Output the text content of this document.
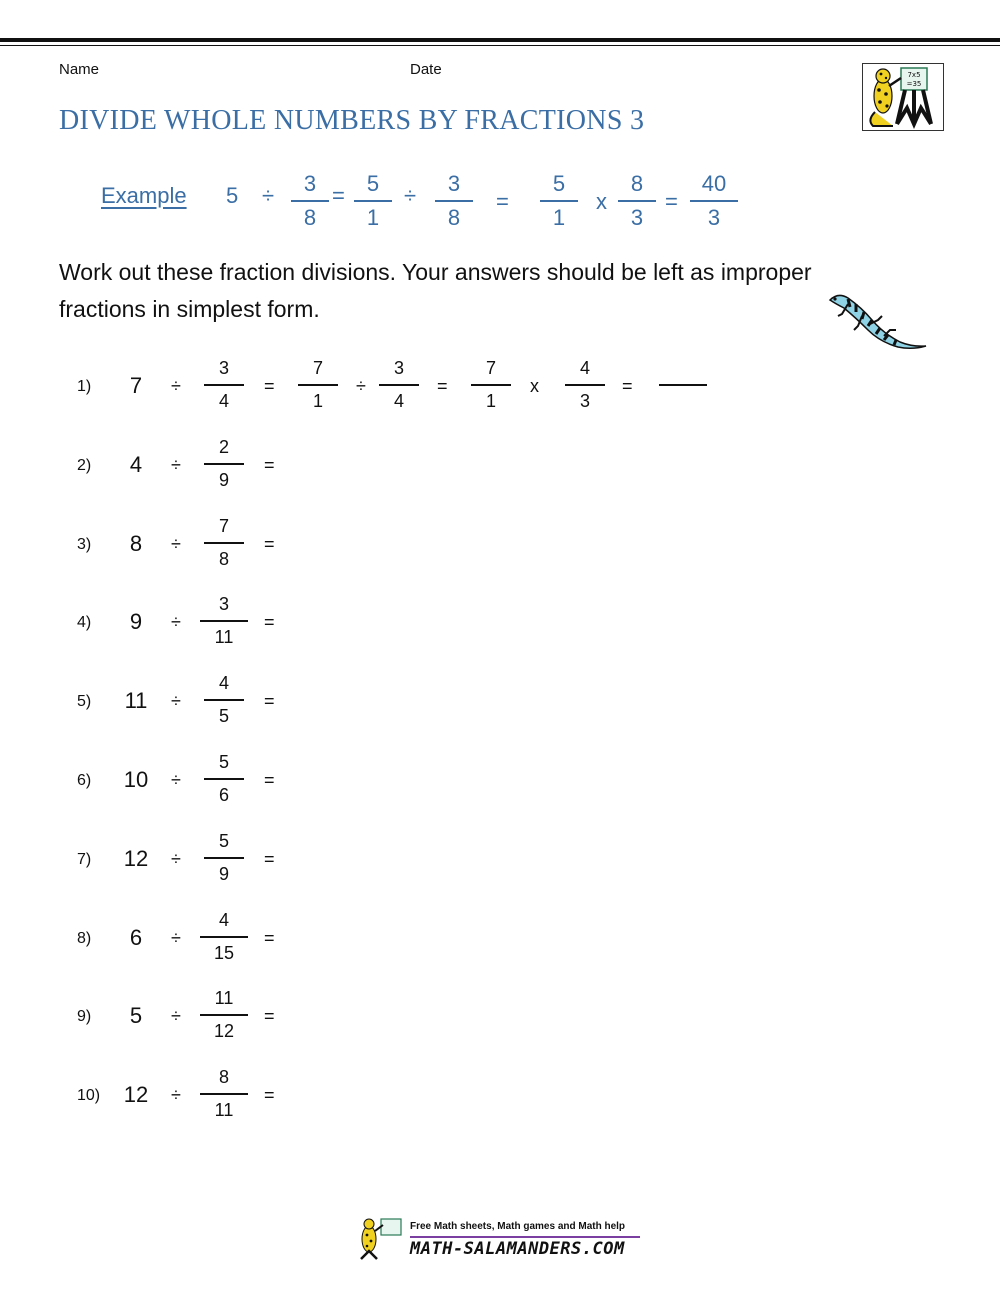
Name	Date	7x5
=35
DIVIDE WHOLE NUMBERS BY FRACTIONS 3
Example 5 ÷	3
8
=	5
1
÷	3
8
=
5
1
x
8
3
=
40
3
Work out these fraction divisions. Your answers should be left as improper fractions in simplest form.
1)	7	÷
3
4
=
7
1
÷
3
4
=
7
1
x
4
3
=
2)	4	÷
2
9
=
3)	8	÷
7
8
=
4)	9	÷
3
11
=
5)	11	÷
4
5
=
6)	10	÷
5
6
=
7)	12	÷
5
9
=
8)	6	÷
4
15
=
9)	5	÷
11
12
=
10)	12	÷
8
11
=
Free Math sheets, Math games and Math help
MATH-SALAMANDERS.COM
